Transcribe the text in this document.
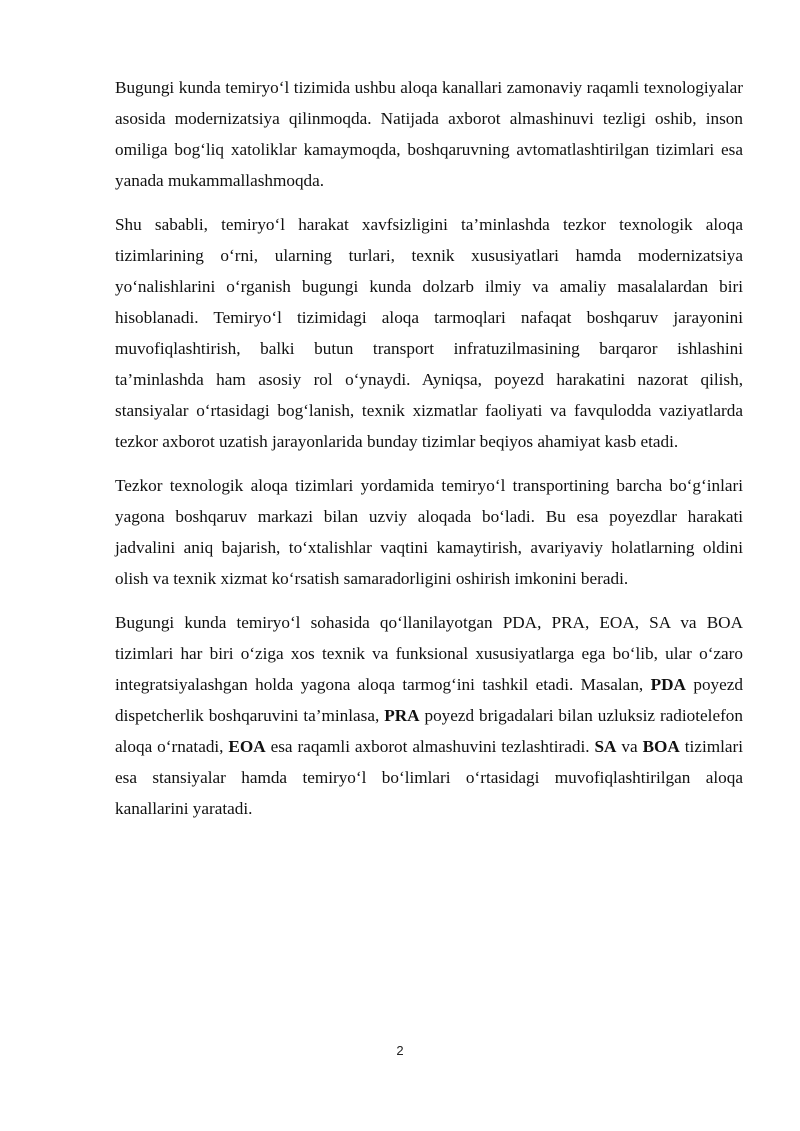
Bugungi kunda temiryo‘l tizimida ushbu aloqa kanallari zamonaviy raqamli texnologiyalar asosida modernizatsiya qilinmoqda. Natijada axborot almashinuvi tezligi oshib, inson omiliga bog‘liq xatoliklar kamaymoqda, boshqaruvning avtomatlashtirilgan tizimlari esa yanada mukammallashmoqda.

Shu sababli, temiryo‘l harakat xavfsizligini ta’minlashda tezkor texnologik aloqa tizimlarining o‘rni, ularning turlari, texnik xususiyatlari hamda modernizatsiya yo‘nalishlarini o‘rganish bugungi kunda dolzarb ilmiy va amaliy masalalardan biri hisoblanadi. Temiryo‘l tizimidagi aloqa tarmoqlari nafaqat boshqaruv jarayonini muvofiqlashtirish, balki butun transport infratuzilmasining barqaror ishlashini ta’minlashda ham asosiy rol o‘ynaydi. Ayniqsa, poyezd harakatini nazorat qilish, stansiyalar o‘rtasidagi bog‘lanish, texnik xizmatlar faoliyati va favqulodda vaziyatlarda tezkor axborot uzatish jarayonlarida bunday tizimlar beqiyos ahamiyat kasb etadi.

Tezkor texnologik aloqa tizimlari yordamida temiryo‘l transportining barcha bo‘g‘inlari yagona boshqaruv markazi bilan uzviy aloqada bo‘ladi. Bu esa poyezdlar harakati jadvalini aniq bajarish, to‘xtalishlar vaqtini kamaytirish, avariyaviy holatlarning oldini olish va texnik xizmat ko‘rsatish samaradorligini oshirish imkonini beradi.

Bugungi kunda temiryo‘l sohasida qo‘llanilayotgan PDA, PRA, EOA, SA va BOA tizimlari har biri o‘ziga xos texnik va funksional xususiyatlarga ega bo‘lib, ular o‘zaro integratsiyalashgan holda yagona aloqa tarmog‘ini tashkil etadi. Masalan, PDA poyezd dispetcherlik boshqaruvini ta’minlasa, PRA poyezd brigadalari bilan uzluksiz radiotelefon aloqa o‘rnatadi, EOA esa raqamli axborot almashuvini tezlashtiradi. SA va BOA tizimlari esa stansiyalar hamda temiryo‘l bo‘limlari o‘rtasidagi muvofiqlashtirilgan aloqa kanallarini yaratadi.

2
